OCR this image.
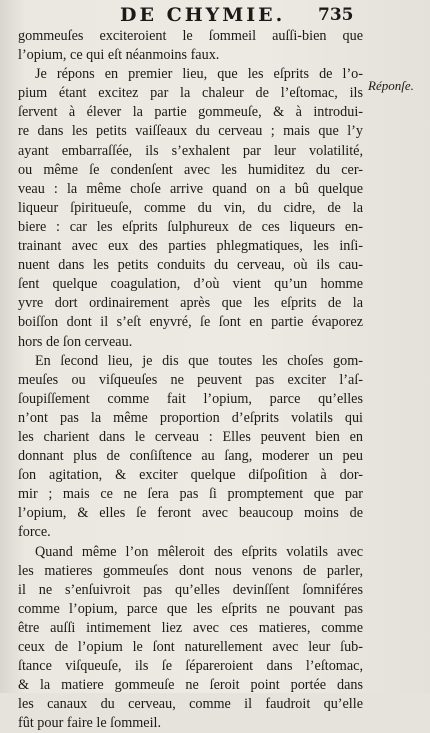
DE CHYMIE. 735
Réponſe.
gommeuſes exciteroient le ſommeil auſſi-bien que
l’opium, ce qui eſt néanmoins faux.
Je répons en premier lieu, que les eſprits de l’o-
pium étant excitez par la chaleur de l’eſtomac, ils
ſervent à élever la partie gommeuſe, & à introdui-
re dans les petits vaiſſeaux du cerveau ; mais que l’y
ayant embarraſſée, ils s’exhalent par leur volatilité,
ou même ſe condenſent avec les humiditez du cer-
veau : la même choſe arrive quand on a bû quelque
liqueur ſpiritueuſe, comme du vin, du cidre, de la
biere : car les eſprits ſulphureux de ces liqueurs en-
trainant avec eux des parties phlegmatiques, les inſi-
nuent dans les petits conduits du cerveau, où ils cau-
ſent quelque coagulation, d’où vient qu’un homme
yvre dort ordinairement après que les eſprits de la
boiſſon dont il s’eſt enyvré, ſe ſont en partie évaporez
hors de ſon cerveau.
En ſecond lieu, je dis que toutes les choſes gom-
meuſes ou viſqueuſes ne peuvent pas exciter l’aſ-
ſoupiſſement comme fait l’opium, parce qu’elles
n’ont pas la même proportion d’eſprits volatils qui
les charient dans le cerveau : Elles peuvent bien en
donnant plus de conſiſtence au ſang, moderer un peu
ſon agitation, & exciter quelque diſpoſition à dor-
mir ; mais ce ne ſera pas ſi promptement que par
l’opium, & elles ſe feront avec beaucoup moins de
force.
Quand même l’on mêleroit des eſprits volatils avec
les matieres gommeuſes dont nous venons de parler,
il ne s’enſuivroit pas qu’elles devinſſent ſomniféres
comme l’opium, parce que les eſprits ne pouvant pas
être auſſi intimement liez avec ces matieres, comme
ceux de l’opium le ſont naturellement avec leur ſub-
ſtance viſqueuſe, ils ſe ſépareroient dans l’eſtomac,
& la matiere gommeuſe ne ſeroit point portée dans
les canaux du cerveau, comme il faudroit qu’elle
fût pour faire le ſommeil.
